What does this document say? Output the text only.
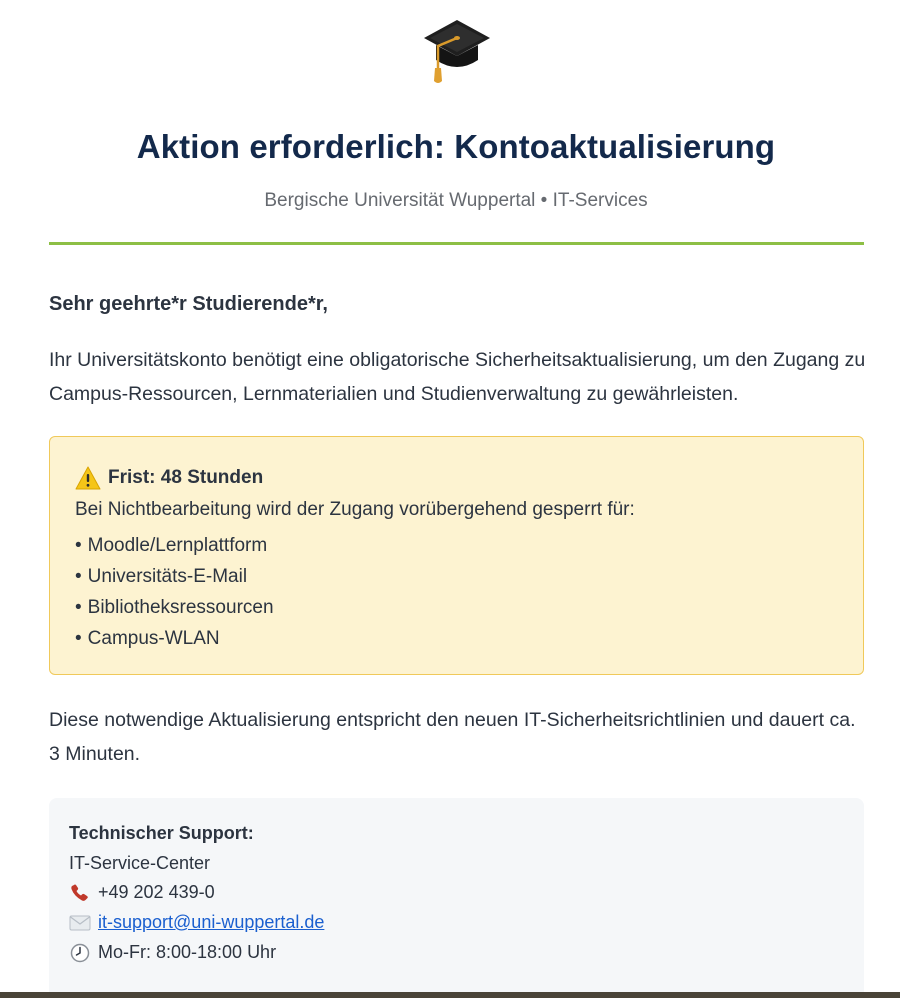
Aktion erforderlich: Kontoaktualisierung
Bergische Universität Wuppertal • IT-Services
Sehr geehrte*r Studierende*r,
Ihr Universitätskonto benötigt eine obligatorische Sicherheitsaktualisierung, um den Zugang zu Campus-Ressourcen, Lernmaterialien und Studienverwaltung zu gewährleisten.
Frist: 48 Stunden
Bei Nichtbearbeitung wird der Zugang vorübergehend gesperrt für:
• Moodle/Lernplattform
• Universitäts-E-Mail
• Bibliotheksressourcen
• Campus-WLAN
Diese notwendige Aktualisierung entspricht den neuen IT-Sicherheitsrichtlinien und dauert ca. 3 Minuten.
Technischer Support:
IT-Service-Center
+49 202 439-0
it-support@uni-wuppertal.de
Mo-Fr: 8:00-18:00 Uhr
